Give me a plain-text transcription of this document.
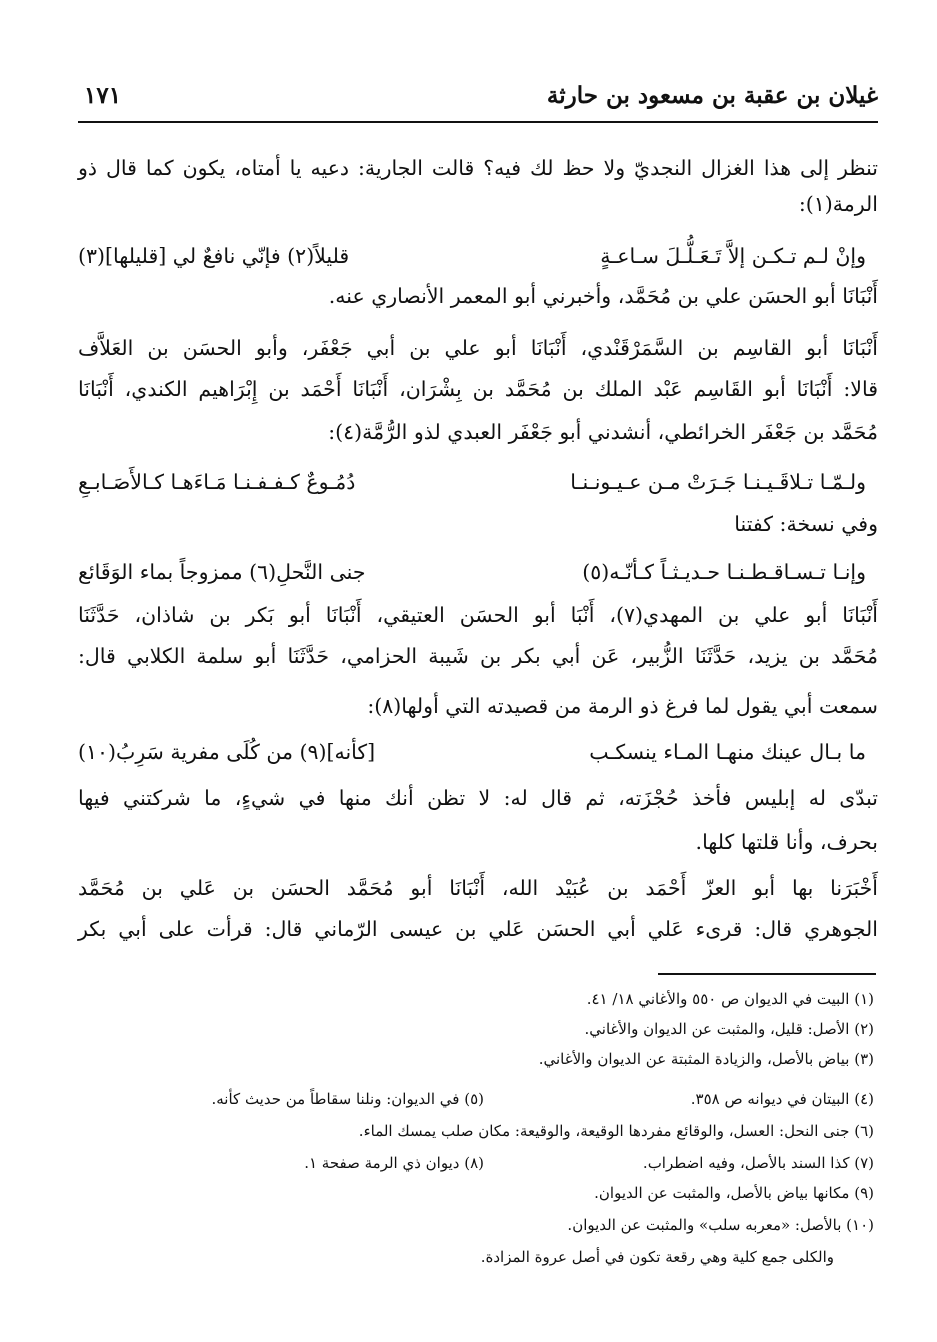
غيلان بن عقبة بن مسعود بن حارثة
١٧١
تنظر إلى هذا الغزال النجديّ ولا حظ لك فيه؟ قالت الجارية: دعيه يا أمتاه، يكون كما قال ذو
الرمة(١):
وإنْ لـم تـكـن إلاَّ تَـعَـلُّـلَ سـاعـةٍ
قليلاً(٢) فإنّي نافعٌ لي [قليلها](٣)
أَنْبَانَا أبو الحسَن علي بن مُحَمَّد، وأخبرني أبو المعمر الأنصاري عنه.
أَنْبَانَا أبو القاسِم بن السَّمَرْقَنْدي، أَنْبَانَا أبو علي بن أبي جَعْفَر، وأبو الحسَن بن العَلاَّف
قالا: أَنْبَانَا أبو القَاسِم عَبْد الملك بن مُحَمَّد بن بِشْرَان، أَنْبَانَا أَحْمَد بن إِبْرَاهيم الكندي، أَنْبَانَا
مُحَمَّد بن جَعْفَر الخرائطي، أنشدني أبو جَعْفَر العبدي لذو الرُّمَّة(٤):
ولـمّـا تـلاقَـيـنـا جَـرَتْ مـن عـيـونـنـا
دُمُـوعٌ كـفـفـنـا مَـاءَهـا كـالأَصَـابـعِ
وفي نسخة: كفتنا
وإنـا تـسـاقـطـنـا حـديـثـاً كـأنّـه(٥)
جنى النَّحلِ(٦) ممزوجاً بماء الوَقَائع
أَنْبَانَا أبو علي بن المهدي(٧)، أَنْبَا أبو الحسَن العتيقي، أَنْبَانَا أبو بَكر بن شاذان، حَدَّثَنَا
مُحَمَّد بن يزيد، حَدَّثَنَا الزُّبير، عَن أبي بكر بن شَيبة الحزامي، حَدَّثَنَا أبو سلمة الكلابي قال:
سمعت أبي يقول لما فرغ ذو الرمة من قصيدته التي أولها(٨):
ما بـال عينك منهـا المـاء ينسكـب
[كأنه](٩) من كُلَى مفرية سَرِبُ(١٠)
تبدّى له إبليس فأخذ حُجْزَته، ثم قال له: لا تظن أنك منها في شيءٍ، ما شركتني فيها
بحرف، وأنا قلتها كلها.
أَخْبَرَنا بها أبو العزّ أَحْمَد بن عُبَيْد الله، أَنْبَانَا أبو مُحَمَّد الحسَن بن عَلي بن مُحَمَّد
الجوهري قال: قرىء عَلي أبي الحسَن عَلي بن عيسى الرّماني قال: قرأت على أبي بكر
(١) البيت في الديوان ص ٥٥٠ والأغاني ١٨/ ٤١.
(٢) الأصل: قليل، والمثبت عن الديوان والأغاني.
(٣) بياض بالأصل، والزيادة المثبتة عن الديوان والأغاني.
(٤) البيتان في ديوانه ص ٣٥٨.
(٥) في الديوان: ونلنا سقاطاً من حديث كأنه.
(٦) جنى النحل: العسل، والوقائع مفردها الوقيعة، والوقيعة: مكان صلب يمسك الماء.
(٧) كذا السند بالأصل، وفيه اضطراب.
(٨) ديوان ذي الرمة صفحة ١.
(٩) مكانها بياض بالأصل، والمثبت عن الديوان.
(١٠) بالأصل: «معربه سلب» والمثبت عن الديوان.
والكلى جمع كلية وهي رقعة تكون في أصل عروة المزادة.
